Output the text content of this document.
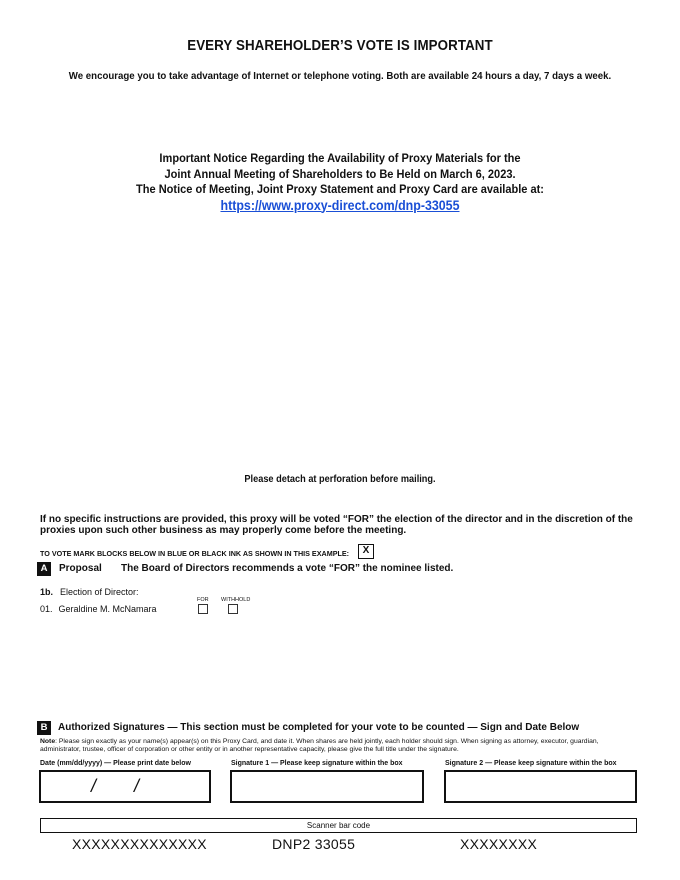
EVERY SHAREHOLDER’S VOTE IS IMPORTANT
We encourage you to take advantage of Internet or telephone voting. Both are available 24 hours a day, 7 days a week.
Important Notice Regarding the Availability of Proxy Materials for the
Joint Annual Meeting of Shareholders to Be Held on March 6, 2023.
The Notice of Meeting, Joint Proxy Statement and Proxy Card are available at:
https://www.proxy-direct.com/dnp-33055
Please detach at perforation before mailing.
If no specific instructions are provided, this proxy will be voted “FOR” the election of the director and in the discretion of the proxies upon such other business as may properly come before the meeting.
TO VOTE MARK BLOCKS BELOW IN BLUE OR BLACK INK AS SHOWN IN THIS EXAMPLE:	X
A	Proposal The Board of Directors recommends a vote “FOR” the nominee listed.
1b. Election of Director:
FOR WITHHOLD
01. Geraldine M. McNamara
B	Authorized Signatures — This section must be completed for your vote to be counted — Sign and Date Below
Note: Please sign exactly as your name(s) appear(s) on this Proxy Card, and date it. When shares are held jointly, each holder should sign. When signing as attorney, executor, guardian, administrator, trustee, officer of corporation or other entity or in another representative capacity, please give the full title under the signature.
Date (mm/dd/yyyy) — Please print date below	Signature 1 — Please keep signature within the box	Signature 2 — Please keep signature within the box
/ /
Scanner bar code
XXXXXXXXXXXXXX	DNP2 33055	XXXXXXXX
